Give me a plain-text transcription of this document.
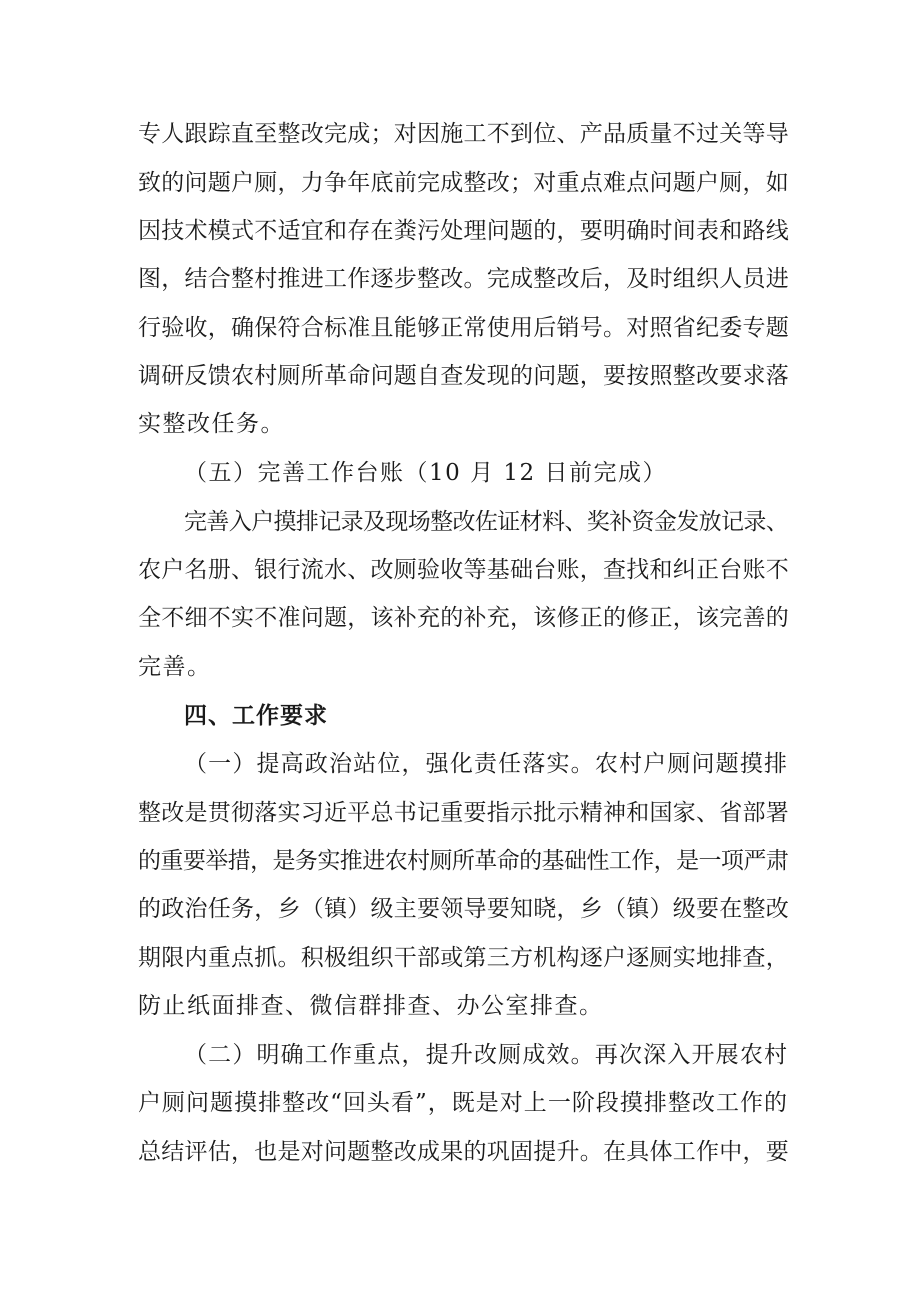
专人跟踪直至整改完成；对因施工不到位、产品质量不过关等导
致的问题户厕，力争年底前完成整改；对重点难点问题户厕，如
因技术模式不适宜和存在粪污处理问题的，要明确时间表和路线
图，结合整村推进工作逐步整改。完成整改后，及时组织人员进
行验收，确保符合标准且能够正常使用后销号。对照省纪委专题
调研反馈农村厕所革命问题自查发现的问题，要按照整改要求落
实整改任务。
（五）完善工作台账（10 月 12 日前完成）
完善入户摸排记录及现场整改佐证材料、奖补资金发放记录、
农户名册、银行流水、改厕验收等基础台账，查找和纠正台账不
全不细不实不准问题，该补充的补充，该修正的修正，该完善的
完善。
四、工作要求
（一）提高政治站位，强化责任落实。农村户厕问题摸排
整改是贯彻落实习近平总书记重要指示批示精神和国家、省部署
的重要举措，是务实推进农村厕所革命的基础性工作，是一项严肃
的政治任务，乡（镇）级主要领导要知晓，乡（镇）级要在整改
期限内重点抓。积极组织干部或第三方机构逐户逐厕实地排查，
防止纸面排查、微信群排查、办公室排查。
（二）明确工作重点，提升改厕成效。再次深入开展农村
户厕问题摸排整改“回头看”，既是对上一阶段摸排整改工作的
总结评估，也是对问题整改成果的巩固提升。在具体工作中，要
